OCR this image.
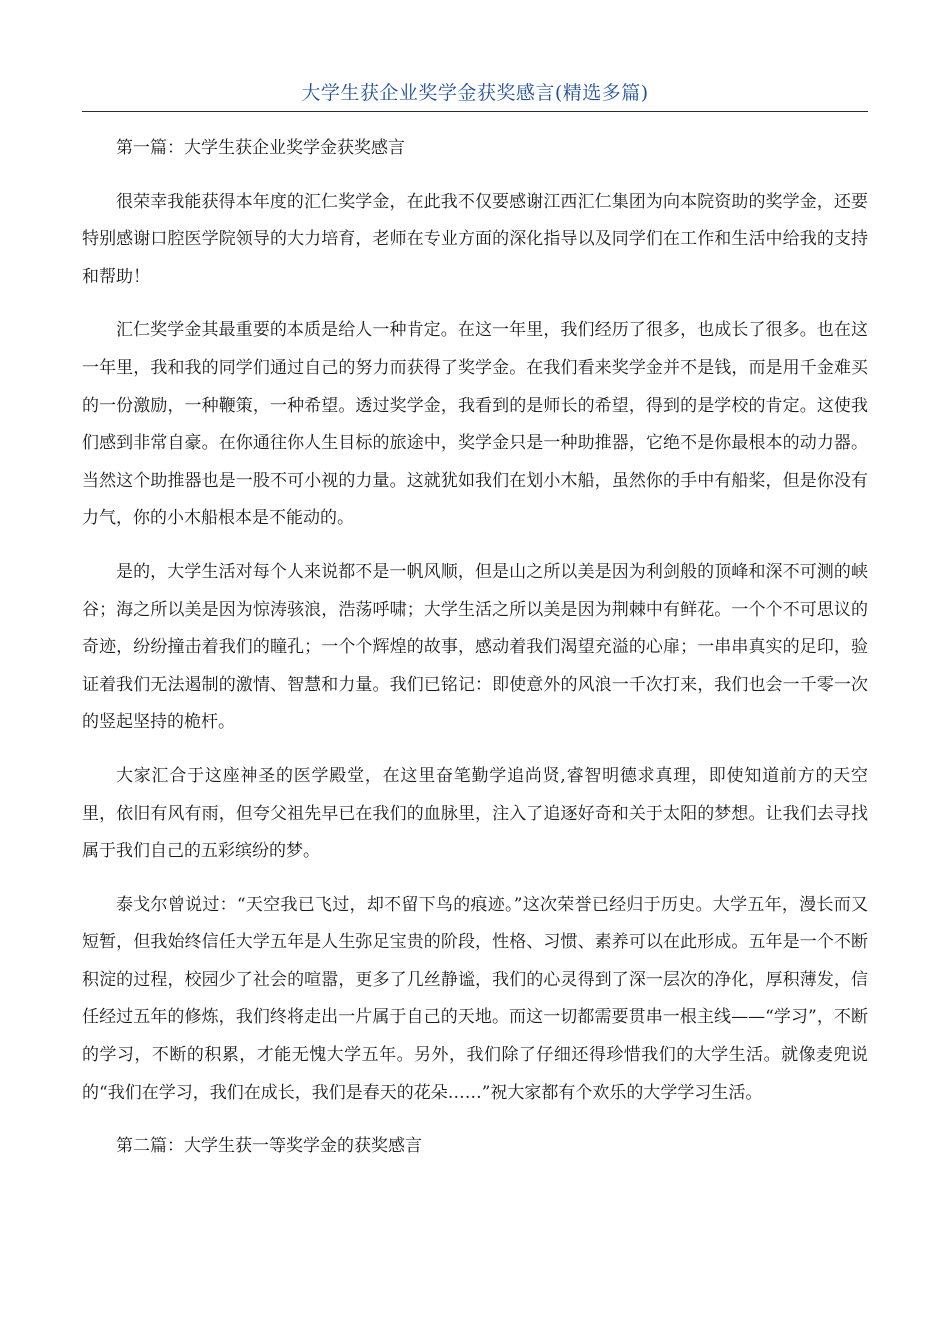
大学生获企业奖学金获奖感言(精选多篇)

第一篇：大学生获企业奖学金获奖感言

很荣幸我能获得本年度的汇仁奖学金，在此我不仅要感谢江西汇仁集团为向本院资助的奖学金，还要特别感谢口腔医学院领导的大力培育，老师在专业方面的深化指导以及同学们在工作和生活中给我的支持和帮助！

汇仁奖学金其最重要的本质是给人一种肯定。在这一年里，我们经历了很多，也成长了很多。也在这一年里，我和我的同学们通过自己的努力而获得了奖学金。在我们看来奖学金并不是钱，而是用千金难买的一份激励，一种鞭策，一种希望。透过奖学金，我看到的是师长的希望，得到的是学校的肯定。这使我们感到非常自豪。在你通往你人生目标的旅途中，奖学金只是一种助推器，它绝不是你最根本的动力器。当然这个助推器也是一股不可小视的力量。这就犹如我们在划小木船，虽然你的手中有船桨，但是你没有力气，你的小木船根本是不能动的。

是的，大学生活对每个人来说都不是一帆风顺，但是山之所以美是因为利剑般的顶峰和深不可测的峡谷；海之所以美是因为惊涛骇浪，浩荡呼啸；大学生活之所以美是因为荆棘中有鲜花。一个个不可思议的奇迹，纷纷撞击着我们的瞳孔；一个个辉煌的故事，感动着我们渴望充溢的心扉；一串串真实的足印，验证着我们无法遏制的激情、智慧和力量。我们已铭记：即使意外的风浪一千次打来，我们也会一千零一次的竖起坚持的桅杆。

大家汇合于这座神圣的医学殿堂，在这里奋笔勤学追尚贤,睿智明德求真理，即使知道前方的天空里，依旧有风有雨，但夸父祖先早已在我们的血脉里，注入了追逐好奇和关于太阳的梦想。让我们去寻找属于我们自己的五彩缤纷的梦。

泰戈尔曾说过：“天空我已飞过，却不留下鸟的痕迹。”这次荣誉已经归于历史。大学五年，漫长而又短暂，但我始终信任大学五年是人生弥足宝贵的阶段，性格、习惯、素养可以在此形成。五年是一个不断积淀的过程，校园少了社会的喧嚣，更多了几丝静谧，我们的心灵得到了深一层次的净化，厚积薄发，信任经过五年的修炼，我们终将走出一片属于自己的天地。而这一切都需要贯串一根主线——“学习”，不断的学习，不断的积累，才能无愧大学五年。另外，我们除了仔细还得珍惜我们的大学生活。就像麦兜说的“我们在学习，我们在成长，我们是春天的花朵……”祝大家都有个欢乐的大学学习生活。

第二篇：大学生获一等奖学金的获奖感言
